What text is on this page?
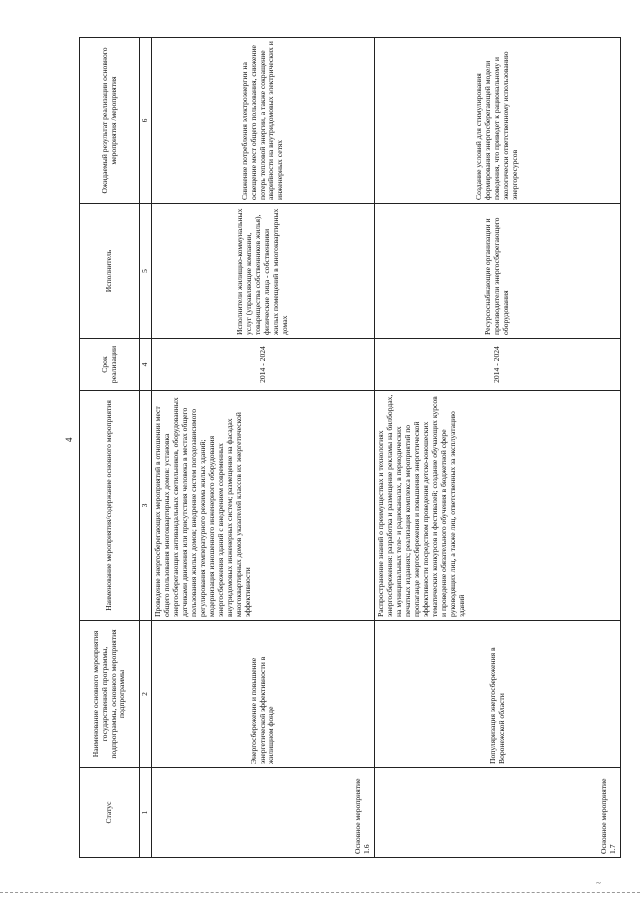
4
Статус	Наименование основного мероприятия государственной программы, подпрограммы, основного мероприятия подпрограммы	Наименование мероприятия/содержание основного мероприятия	Срок реализации	Исполнитель	Ожидаемый результат реализации основного мероприятия /мероприятия
1	2	3	4	5	6
Основное мероприятие 1.6	Энергосбережение и повышение энергетической эффективности в жилищном фонде	Проведение энергосберегающих мероприятий в отношении мест общего пользования многоквартирных домов: установка энергосберегающих антивандальных светильников, оборудованных датчиками движения или присутствия человека в местах общего пользования жилых домов; внедрение систем погодозависимого регулирования температурного режима жилых зданий; модернизация изношенного инженерного оборудования энергосбережения зданий с внедрением современных внутридомовых инженерных систем; размещение на фасадах многоквартирных домов указателей классов их энергетической эффективности	2014 - 2024	Исполнители жилищно-коммунальных услуг (управляющие компании, товарищества собственников жилья), физические лица - собственники жилых помещений в многоквартирных домах	Снижение потребления электроэнергии на освещение мест общего пользования, снижение потерь тепловой энергии, а также сокращение аварийности на внутридомовых электрических и инженерных сетях
Основное мероприятие 1.7	Популяризация энергосбережения в Воронежской области	Распространение знаний о преимуществах и технологиях энергосбережения: разработка и размещение рекламы на билбордах, на муниципальных теле- и радиоканалах, в периодических печатных изданиях; реализация комплекса мероприятий по пропаганде энергосбережения и повышения энергетической эффективности посредством проведения детско-юношеских тематических конкурсов и фестивалей; создание обучающих курсов и проведение обязательного обучения в бюджетной сфере руководящих лиц, а также лиц, ответственных за эксплуатацию зданий	2014 - 2024	Ресурсоснабжающие организации и производители энергосберегающего оборудования	Создание условий для стимулирования формирования энергосберегающей модели поведения, что приведет к рациональному и экологически ответственному использованию энергоресурсов
~
